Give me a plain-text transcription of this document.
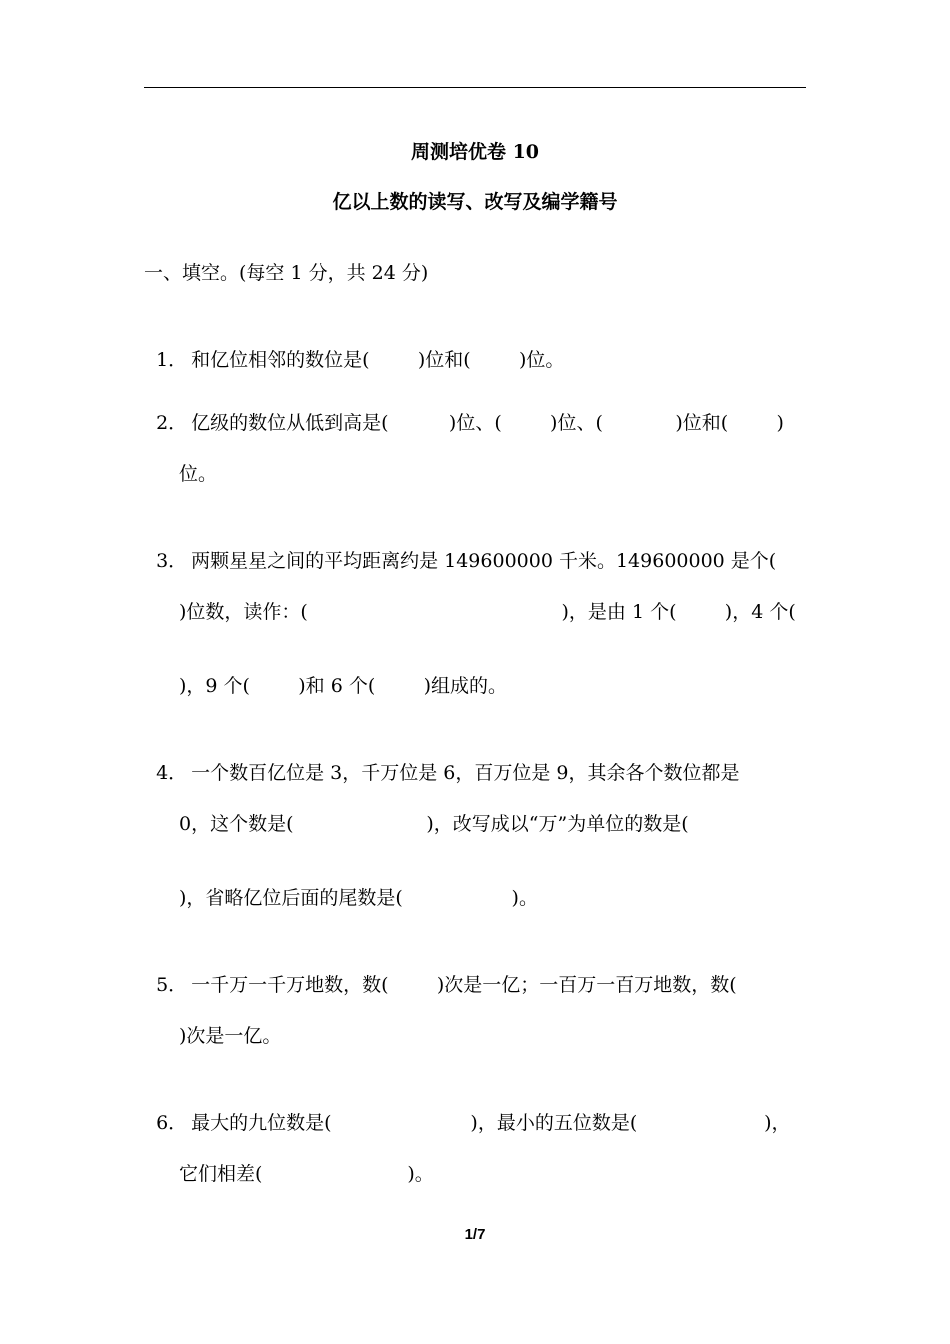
周测培优卷 10
亿以上数的读写、改写及编学籍号
一、填空。(每空 1 分，共 24 分)

1． 和亿位相邻的数位是(        )位和(        )位。

2． 亿级的数位从低到高是(          )位、(        )位、(            )位和(        )

位。

3． 两颗星星之间的平均距离约是 149600000 千米。149600000 是个(

)位数，读作：(                                          )，是由 1 个(        )，4 个(
)，9 个(        )和 6 个(        )组成的。

4． 一个数百亿位是 3，千万位是 6，百万位是 9，其余各个数位都是

0，这个数是(                      )，改写成以“万”为单位的数是(
)，省略亿位后面的尾数是(                  )。

5． 一千万一千万地数，数(        )次是一亿；一百万一百万地数，数(

)次是一亿。

6． 最大的九位数是(                       )，最小的五位数是(                     )，

它们相差(                        )。
1/7
